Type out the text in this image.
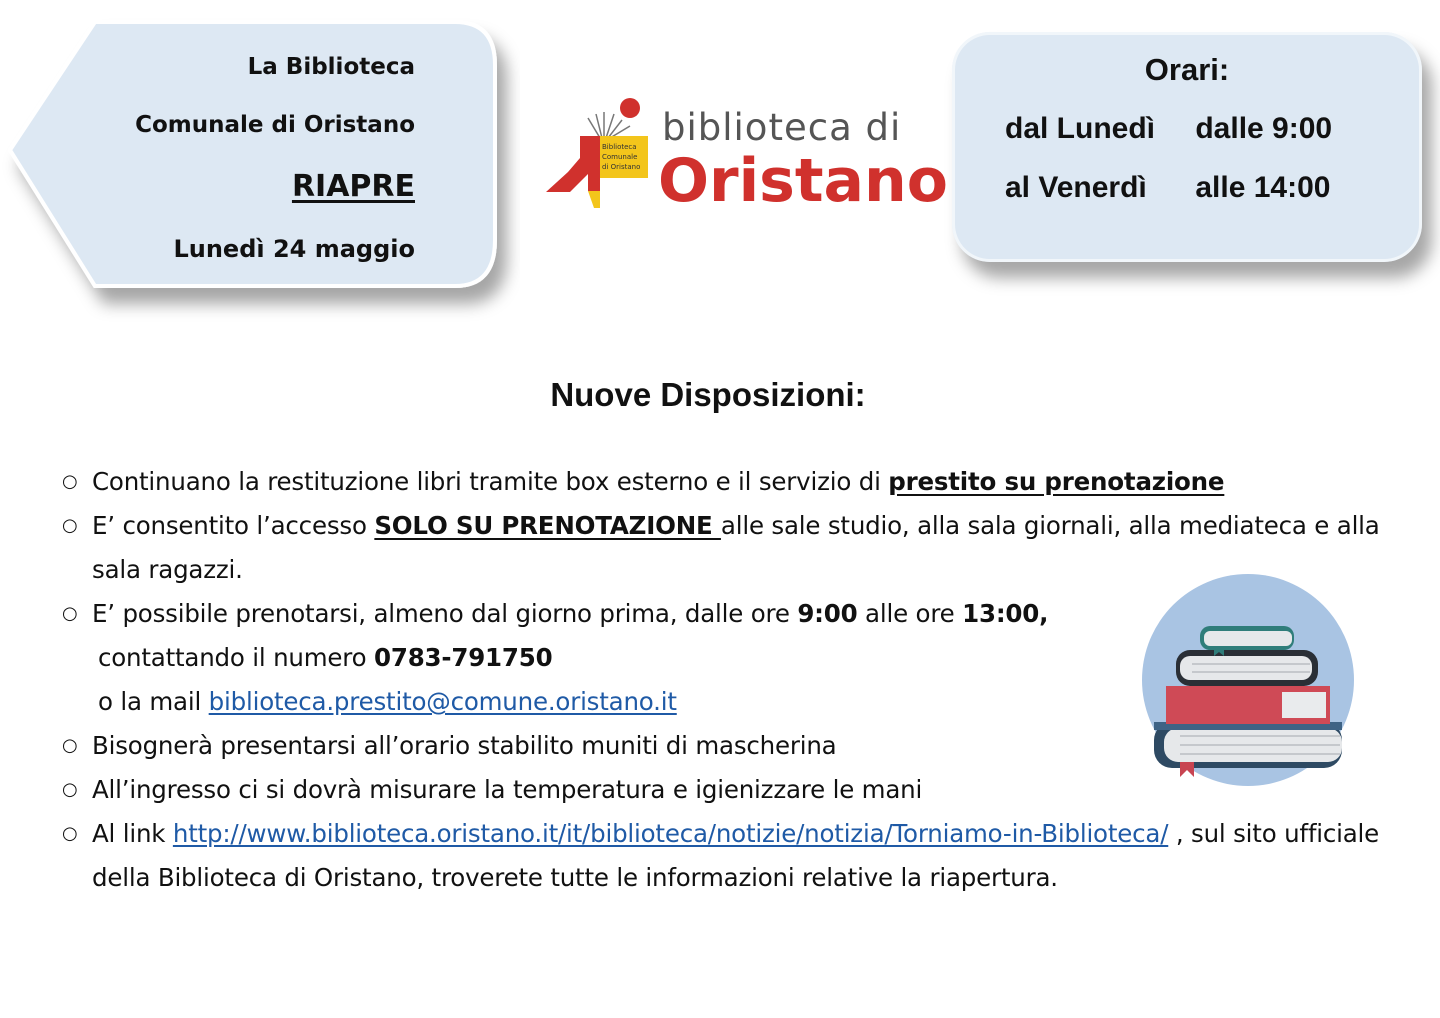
La Biblioteca
Comunale di Oristano
RIAPRE
Lunedì 24 maggio
Biblioteca
Comunale
di Oristano
biblioteca di
Oristano
Orari:
dal Lunedì dalle 9:00
al Venerdì alle 14:00
Nuove Disposizioni:
○ Continuano la restituzione libri tramite box esterno e il servizio di prestito su prenotazione
○ E’ consentito l’accesso SOLO SU PRENOTAZIONE alle sale studio, alla sala giornali, alla mediateca e alla sala ragazzi.
○ E’ possibile prenotarsi, almeno dal giorno prima, dalle ore 9:00 alle ore 13:00,
contattando il numero 0783-791750
o la mail biblioteca.prestito@comune.oristano.it
○ Bisognerà presentarsi all’orario stabilito muniti di mascherina
○ All’ingresso ci si dovrà misurare la temperatura e igienizzare le mani
○ Al link http://www.biblioteca.oristano.it/it/biblioteca/notizie/notizia/Torniamo-in-Biblioteca/ , sul sito ufficiale della Biblioteca di Oristano, troverete tutte le informazioni relative la riapertura.
